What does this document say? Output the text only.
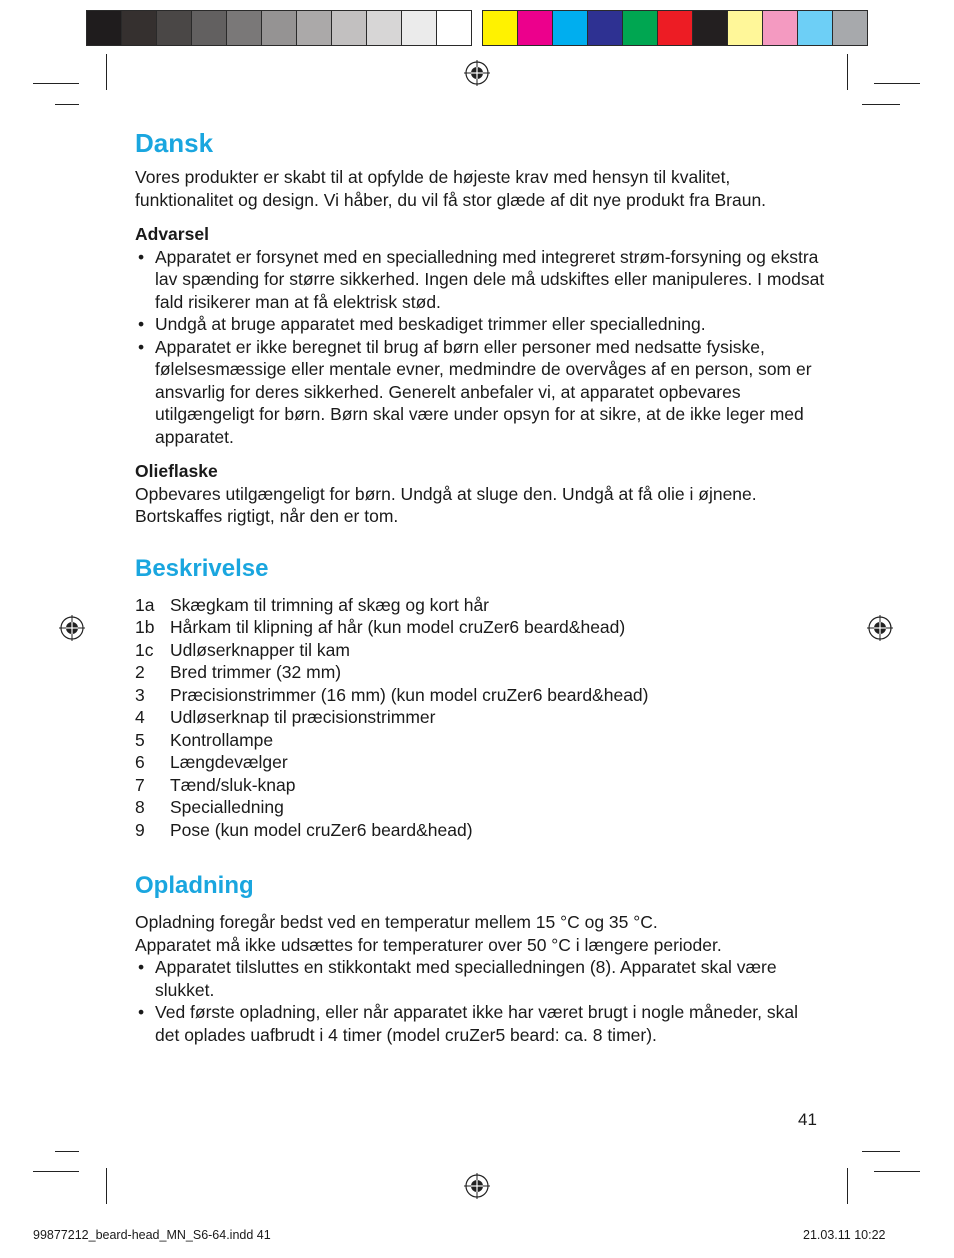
Dansk

Vores produkter er skabt til at opfylde de højeste krav med hensyn til kvalitet, funktionalitet og design. Vi håber, du vil få stor glæde af dit nye produkt fra Braun.

Advarsel

• Apparatet er forsynet med en specialledning med integreret strøm-forsyning og ekstra lav spænding for større sikkerhed. Ingen dele må udskiftes eller manipuleres. I modsat fald risikerer man at få elektrisk stød.
• Undgå at bruge apparatet med beskadiget trimmer eller specialledning.
• Apparatet er ikke beregnet til brug af børn eller personer med nedsatte fysiske, følelsesmæssige eller mentale evner, medmindre de overvåges af en person, som er ansvarlig for deres sikkerhed. Generelt anbefaler vi, at apparatet opbevares utilgængeligt for børn. Børn skal være under opsyn for at sikre, at de ikke leger med apparatet.

Olieflaske

Opbevares utilgængeligt for børn. Undgå at sluge den. Undgå at få olie i øjnene. Bortskaffes rigtigt, når den er tom.

Beskrivelse
1a Skægkam til trimning af skæg og kort hår
1b Hårkam til klipning af hår (kun model cruZer6 beard&head)
1c Udløserknapper til kam
2	Bred trimmer (32 mm)
3	Præcisionstrimmer (16 mm) (kun model cruZer6 beard&head)
4	Udløserknap til præcisionstrimmer
5	Kontrollampe
6	Længdevælger
7	Tænd/sluk-knap
8	Specialledning
9	Pose (kun model cruZer6 beard&head)
Opladning

Opladning foregår bedst ved en temperatur mellem 15 °C og 35 °C.

Apparatet må ikke udsættes for temperaturer over 50 °C i længere perioder.

• Apparatet tilsluttes en stikkontakt med specialledningen (8). Apparatet skal være slukket.
• Ved første opladning, eller når apparatet ikke har været brugt i nogle måneder, skal det oplades uafbrudt i 4 timer (model cruZer5 beard: ca. 8 timer).
41
99877212_beard-head_MN_S6-64.indd 41	21.03.11 10:22
